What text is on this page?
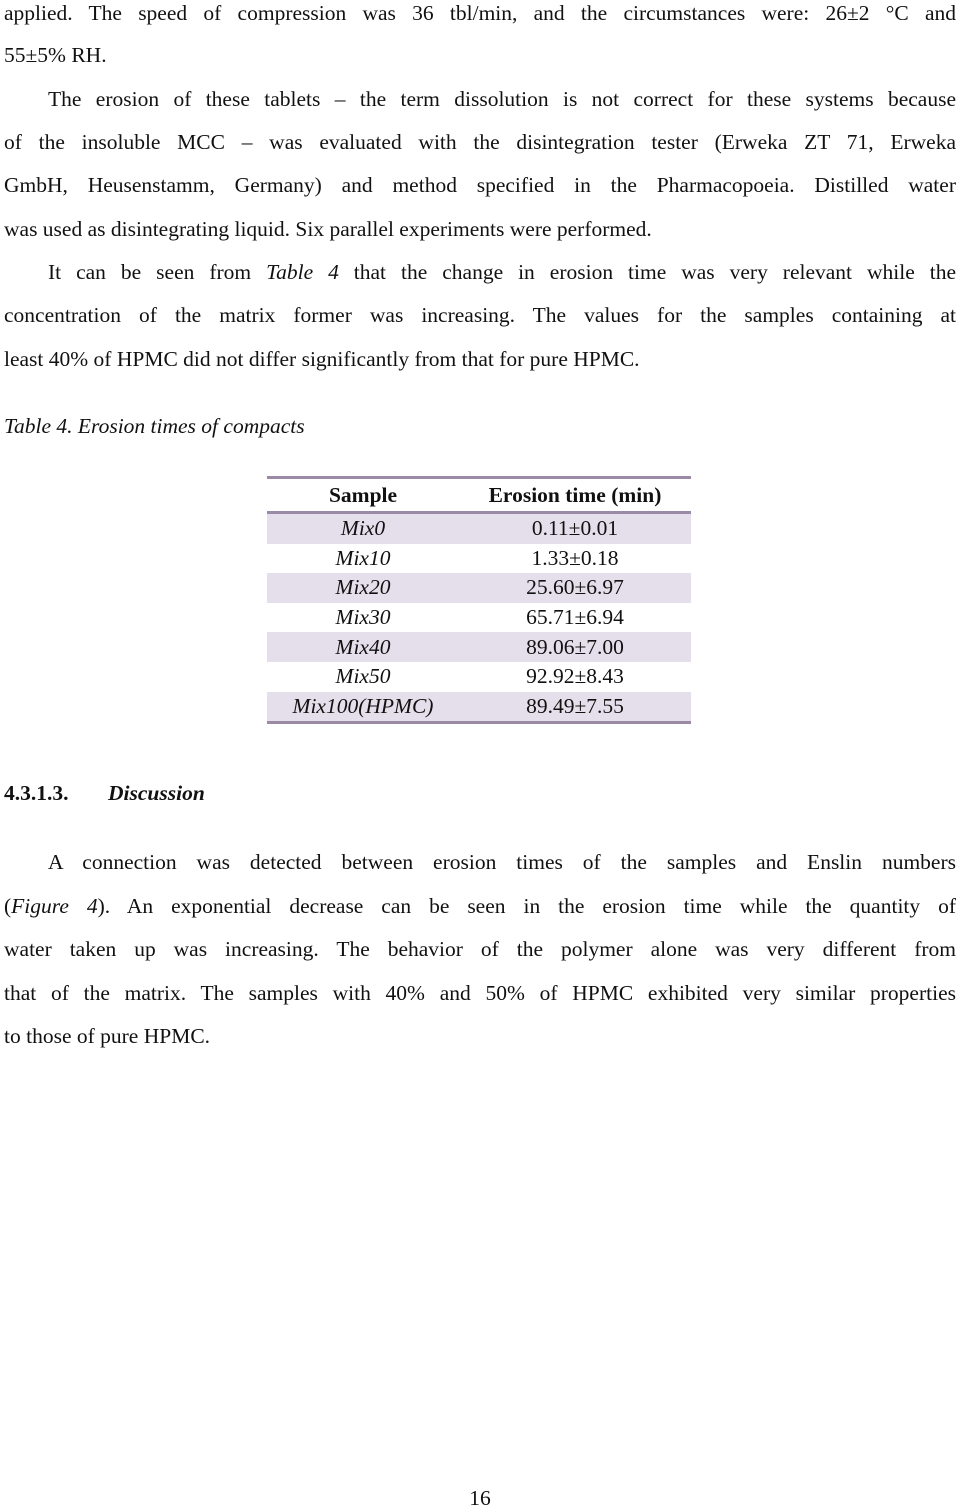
applied. The speed of compression was 36 tbl/min, and the circumstances were: 26±2 °C and
55±5% RH.
The erosion of these tablets – the term dissolution is not correct for these systems because
of the insoluble MCC – was evaluated with the disintegration tester (Erweka ZT 71, Erweka
GmbH, Heusenstamm, Germany) and method specified in the Pharmacopoeia. Distilled water
was used as disintegrating liquid. Six parallel experiments were performed.
It can be seen from Table 4 that the change in erosion time was very relevant while the
concentration of the matrix former was increasing. The values for the samples containing at
least 40% of HPMC did not differ significantly from that for pure HPMC.
Table 4. Erosion times of compacts
Sample	Erosion time (min)
Mix0	0.11±0.01
Mix10	1.33±0.18
Mix20	25.60±6.97
Mix30	65.71±6.94
Mix40	89.06±7.00
Mix50	92.92±8.43
Mix100(HPMC)	89.49±7.55
4.3.1.3. Discussion
A connection was detected between erosion times of the samples and Enslin numbers
(Figure 4). An exponential decrease can be seen in the erosion time while the quantity of
water taken up was increasing. The behavior of the polymer alone was very different from
that of the matrix. The samples with 40% and 50% of HPMC exhibited very similar properties
to those of pure HPMC.
16
